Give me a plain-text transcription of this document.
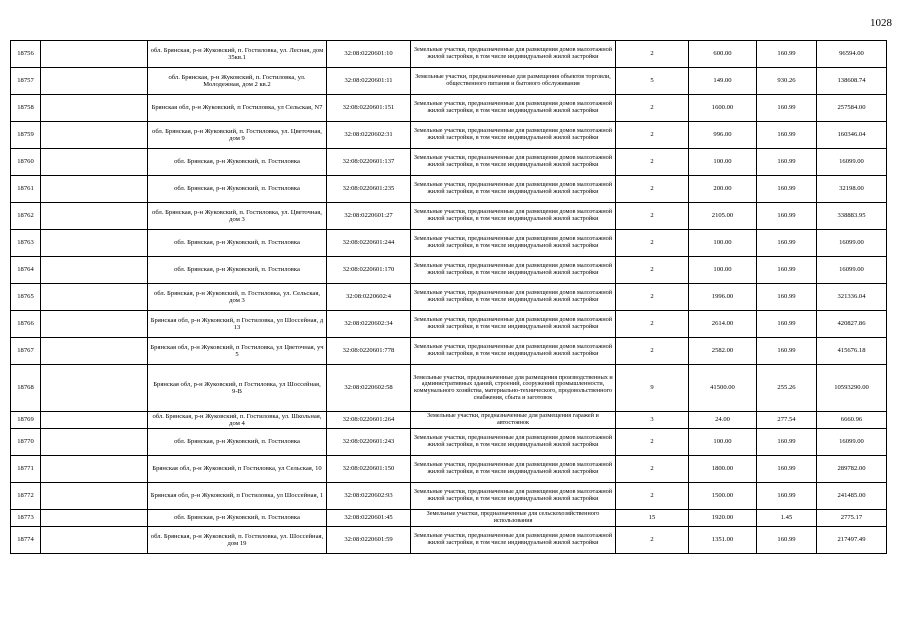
1028
18756		обл. Брянская, р-н Жуковский, п. Гостиловка, ул. Лесная, дом 35кв.1	32:08:0220601:10	Земельные участки, предназначенные для размещения домов малоэтажной жилой застройки, в том числе индивидуальной жилой застройки	2	600.00	160.99	96594.00
18757		обл. Брянская, р-н Жуковский, п. Гостиловка, ул. Молодежная, дом 2 кв.2	32:08:0220601:11	Земельные участки, предназначенные для размещения объектов торговли, общественного питания и бытового обслуживания	5	149.00	930.26	138608.74
18758		Брянская обл, р-н Жуковский, п Гостиловка, ул Сельская, N7	32:08:0220601:151	Земельные участки, предназначенные для размещения домов малоэтажной жилой застройки, в том числе индивидуальной жилой застройки	2	1600.00	160.99	257584.00
18759		обл. Брянская, р-н Жуковский, п. Гостиловка, ул. Цветочная, дом 9	32:08:0220602:31	Земельные участки, предназначенные для размещения домов малоэтажной жилой застройки, в том числе индивидуальной жилой застройки	2	996.00	160.99	160346.04
18760		обл. Брянская, р-н Жуковский, п. Гостиловка	32:08:0220601:137	Земельные участки, предназначенные для размещения домов малоэтажной жилой застройки, в том числе индивидуальной жилой застройки	2	100.00	160.99	16099.00
18761		обл. Брянская, р-н Жуковский, п. Гостиловка	32:08:0220601:235	Земельные участки, предназначенные для размещения домов малоэтажной жилой застройки, в том числе индивидуальной жилой застройки	2	200.00	160.99	32198.00
18762		обл. Брянская, р-н Жуковский, п. Гостиловка, ул. Цветочная, дом 3	32:08:0220601:27	Земельные участки, предназначенные для размещения домов малоэтажной жилой застройки, в том числе индивидуальной жилой застройки	2	2105.00	160.99	338883.95
18763		обл. Брянская, р-н Жуковский, п. Гостиловка	32:08:0220601:244	Земельные участки, предназначенные для размещения домов малоэтажной жилой застройки, в том числе индивидуальной жилой застройки	2	100.00	160.99	16099.00
18764		обл. Брянская, р-н Жуковский, п. Гостиловка	32:08:0220601:170	Земельные участки, предназначенные для размещения домов малоэтажной жилой застройки, в том числе индивидуальной жилой застройки	2	100.00	160.99	16099.00
18765		обл. Брянская, р-н Жуковский, п. Гостиловка, ул. Сельская, дом 3	32:08:0220602:4	Земельные участки, предназначенные для размещения домов малоэтажной жилой застройки, в том числе индивидуальной жилой застройки	2	1996.00	160.99	321336.04
18766		Брянская обл, р-н Жуковский, п Гостиловка, ул Шоссейная, д 13	32:08:0220602:34	Земельные участки, предназначенные для размещения домов малоэтажной жилой застройки, в том числе индивидуальной жилой застройки	2	2614.00	160.99	420827.86
18767		Брянская обл, р-н Жуковский, п Гостиловка, ул Цветочная, уч 5	32:08:0220601:778	Земельные участки, предназначенные для размещения домов малоэтажной жилой застройки, в том числе индивидуальной жилой застройки	2	2582.00	160.99	415676.18
18768		Брянская обл, р-н Жуковский, п Гостиловка, ул Шоссейная, 9-В	32:08:0220602:58	Земельные участки, предназначенные для размещения производственных и административных зданий, строений, сооружений промышленности, коммунального хозяйства, материально-технического, продовольственного снабжения, сбыта и заготовок	9	41500.00	255.26	10593290.00
18769		обл. Брянская, р-н Жуковский, п. Гостиловка, ул. Школьная, дом 4	32:08:0220601:264	Земельные участки, предназначенные для размещения гаражей и автостоянок	3	24.00	277.54	6660.96
18770		обл. Брянская, р-н Жуковский, п. Гостиловка	32:08:0220601:243	Земельные участки, предназначенные для размещения домов малоэтажной жилой застройки, в том числе индивидуальной жилой застройки	2	100.00	160.99	16099.00
18771		Брянская обл, р-н Жуковский, п Гостиловка, ул Сельская, 10	32:08:0220601:150	Земельные участки, предназначенные для размещения домов малоэтажной жилой застройки, в том числе индивидуальной жилой застройки	2	1800.00	160.99	289782.00
18772		Брянская обл, р-н Жуковский, п Гостиловка, ул Шоссейная, 1	32:08:0220602:93	Земельные участки, предназначенные для размещения домов малоэтажной жилой застройки, в том числе индивидуальной жилой застройки	2	1500.00	160.99	241485.00
18773		обл. Брянская, р-н Жуковский, п. Гостиловка	32:08:0220601:45	Земельные участки, предназначенные для сельскохозяйственного использования	15	1920.00	1.45	2775.17
18774		обл. Брянская, р-н Жуковский, п. Гостиловка, ул. Шоссейная, дом 19	32:08:0220601:59	Земельные участки, предназначенные для размещения домов малоэтажной жилой застройки, в том числе индивидуальной жилой застройки	2	1351.00	160.99	217497.49
